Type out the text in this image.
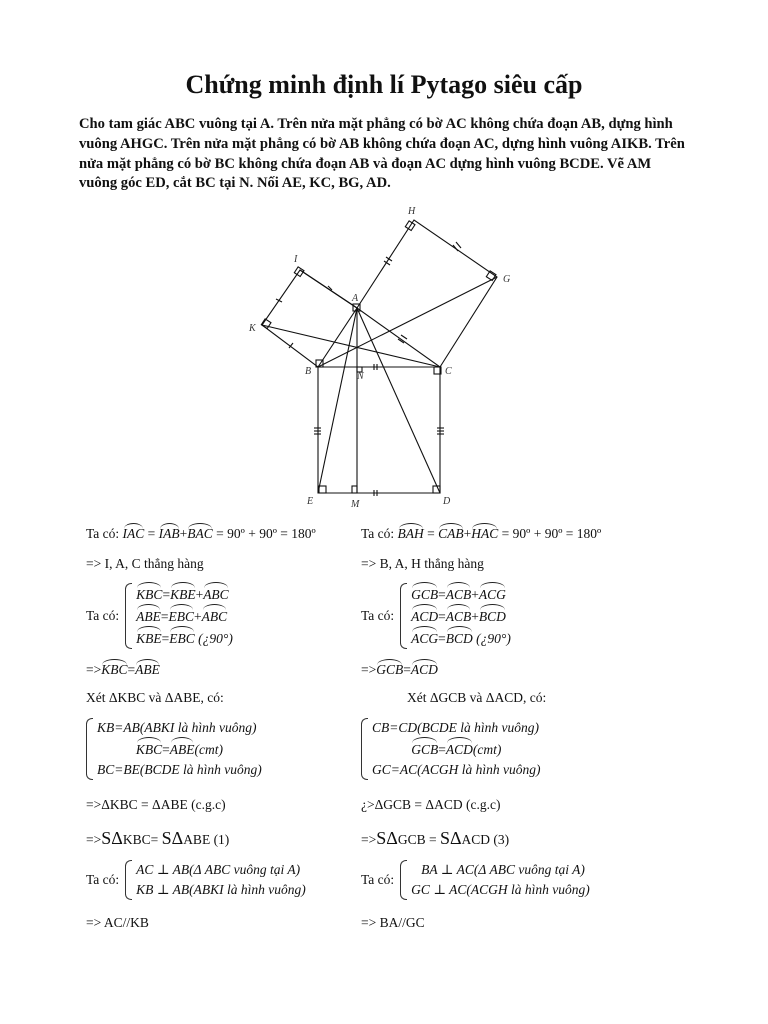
Chứng minh định lí Pytago siêu cấp

Cho tam giác ABC vuông tại A. Trên nửa mặt phẳng có bờ AC không chứa đoạn AB, dựng hình vuông AHGC. Trên nửa mặt phẳng có bờ AB không chứa đoạn AC, dựng hình vuông AIKB. Trên nửa mặt phẳng có bờ BC không chứa đoạn AB và đoạn AC dựng hình vuông BCDE. Vẽ AM vuông góc ED, cắt BC tại N. Nối AE, KC, BG, AD.

H
G
I
A
K
B	N	C
E	M	D
Ta có: IAC = IAB+BAC = 90º + 90º = 180º
=> I, A, C thẳng hàng
Ta có:
KBC=KBE+ABC
ABE=EBC+ABC
KBE=EBC (¿90°)
=>KBC=ABE
Xét ΔKBC và ΔABE, có:
KB=AB(ABKI là hình vuông)
KBC=ABE(cmt)
BC=BE(BCDE là hình vuông)
=>ΔKBC = ΔABE (c.g.c)
=>SΔKBC= SΔABE (1)
Ta có:
AC ⊥ AB(Δ ABC vuông tại A)
KB ⊥ AB(ABKI là hình vuông)
=> AC//KB
Ta có: BAH = CAB+HAC = 90º + 90º = 180º
=> B, A, H thẳng hàng
Ta có:
GCB=ACB+ACG
ACD=ACB+BCD
ACG=BCD (¿90°)
=>GCB=ACD
Xét ΔGCB và ΔACD, có:
CB=CD(BCDE là hình vuông)
GCB=ACD(cmt)
GC=AC(ACGH là hình vuông)
¿>ΔGCB = ΔACD (c.g.c)
=>SΔGCB = SΔACD (3)
Ta có:
BA ⊥ AC(Δ ABC vuông tại A)
GC ⊥ AC(ACGH là hình vuông)
=> BA//GC
